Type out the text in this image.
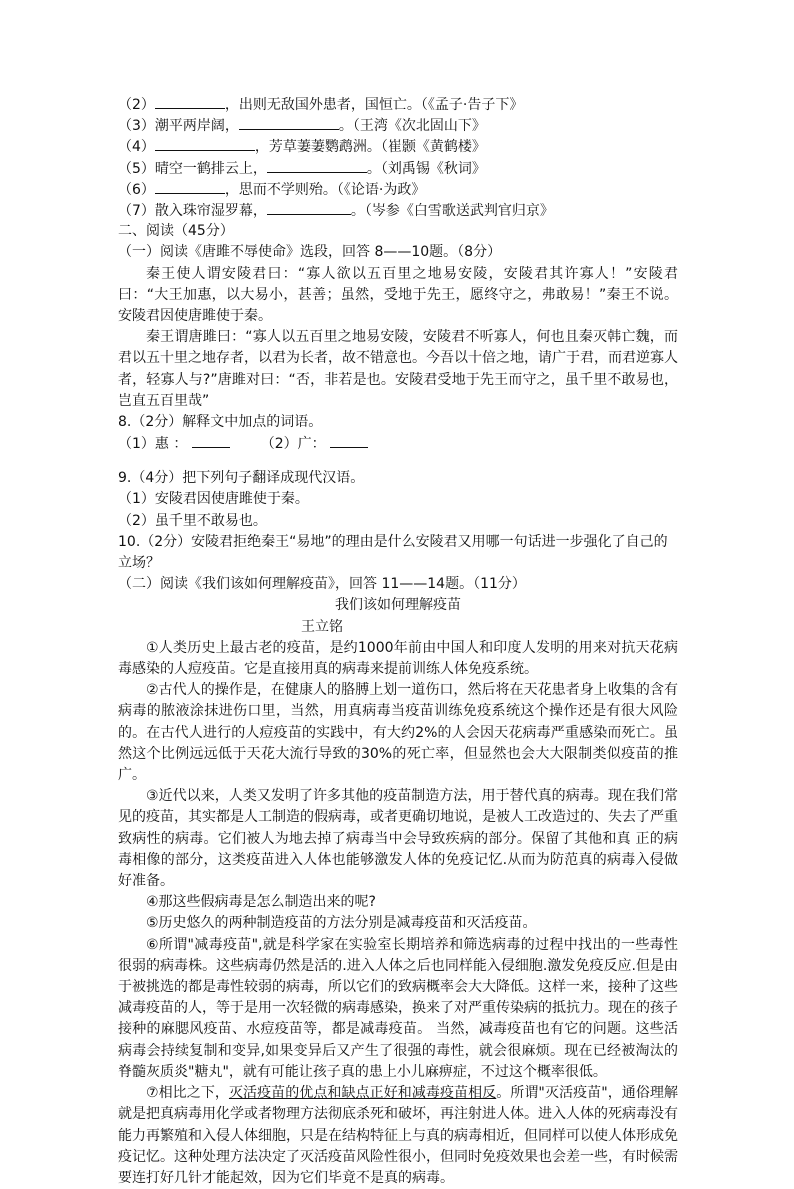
（2）	，出则无敌国外患者，国恒亡。（《孟子·告子下》
（3）潮平两岸阔，	。（王湾《次北固山下》
（4）	，芳草萋萋鹦鹉洲。（崔颢《黄鹤楼》
（5）晴空一鹤排云上，	。（刘禹锡《秋词》
（6）	，思而不学则殆。（《论语·为政》
（7）散入珠帘湿罗幕，	。（岑参《白雪歌送武判官归京》
二、阅读（45分）
（一）阅读《唐雎不辱使命》选段，回答 8——10题。（8分）
秦王使人谓安陵君曰：“寡人欲以五百里之地易安陵，安陵君其许寡人！”安陵君曰：“大王加惠，以大易小，甚善；虽然，受地于先王，愿终守之，弗敢易！”秦王不说。安陵君因使唐雎使于秦。
秦王谓唐雎曰：“寡人以五百里之地易安陵，安陵君不听寡人，何也且秦灭韩亡魏，而君以五十里之地存者，以君为长者，故不错意也。今吾以十倍之地，请广于君，而君逆寡人者，轻寡人与?”唐雎对曰：“否，非若是也。安陵君受地于先王而守之，虽千里不敢易也，岂直五百里哉”
8.（2分）解释文中加点的词语。
（1）惠 ：	（2）广：
9.（4分）把下列句子翻译成现代汉语。
（1）安陵君因使唐雎使于秦。
（2）虽千里不敢易也。
10.（2分）安陵君拒绝秦王“易地”的理由是什么安陵君又用哪一句话进一步强化了自己的立场？
（二）阅读《我们该如何理解疫苗》，回答 11——14题。（11分）
我们该如何理解疫苗
王立铭
①人类历史上最古老的疫苗，是约1000年前由中国人和印度人发明的用来对抗天花病毒感染的人痘疫苗。它是直接用真的病毒来提前训练人体免疫系统。
②古代人的操作是，在健康人的胳膊上划一道伤口，然后将在天花患者身上收集的含有病毒的脓液涂抹进伤口里，当然，用真病毒当疫苗训练免疫系统这个操作还是有很大风险的。在古代人进行的人痘疫苗的实践中，有大约2%的人会因天花病毒严重感染而死亡。虽然这个比例远远低于天花大流行导致的30%的死亡率，但显然也会大大限制类似疫苗的推广。
③近代以来，人类又发明了许多其他的疫苗制造方法，用于替代真的病毒。现在我们常见的疫苗，其实都是人工制造的假病毒，或者更确切地说，是被人工改造过的、失去了严重致病性的病毒。它们被人为地去掉了病毒当中会导致疾病的部分。保留了其他和真 正的病毒相像的部分，这类疫苗进入人体也能够激发人体的免疫记忆.从而为防范真的病毒入侵做好准备。
④那这些假病毒是怎么制造出来的呢?
⑤历史悠久的两种制造疫苗的方法分别是减毒疫苗和灭活疫苗。
⑥所谓"减毒疫苗",就是科学家在实验室长期培养和筛选病毒的过程中找出的一些毒性很弱的病毒株。这些病毒仍然是活的.进入人体之后也同样能入侵细胞.激发免疫反应.但是由于被挑选的都是毒性较弱的病毒，所以它们的致病概率会大大降低。这样一来，接种了这些减毒疫苗的人，等于是用一次轻微的病毒感染，换来了对严重传染病的抵抗力。现在的孩子接种的麻腮风疫苗、水痘疫苗等，都是减毒疫苗。 当然，减毒疫苗也有它的问题。这些活病毒会持续复制和变异,如果变异后又产生了很强的毒性，就会很麻烦。现在已经被淘汰的脊髓灰质炎"糖丸"，就有可能让孩子真的患上小儿麻痹症，不过这个概率很低。
⑦相比之下，灭活疫苗的优点和缺点正好和减毒疫苗相反。所谓"灭活疫苗"，通俗理解就是把真病毒用化学或者物理方法彻底杀死和破坏，再注射进人体。进入人体的死病毒没有能力再繁殖和入侵人体细胞，只是在结构特征上与真的病毒相近，但同样可以使人体形成免疫记忆。这种处理方法决定了灭活疫苗风险性很小，但同时免疫效果也会差一些，有时候需要连打好几针才能起效，因为它们毕竟不是真的病毒。
